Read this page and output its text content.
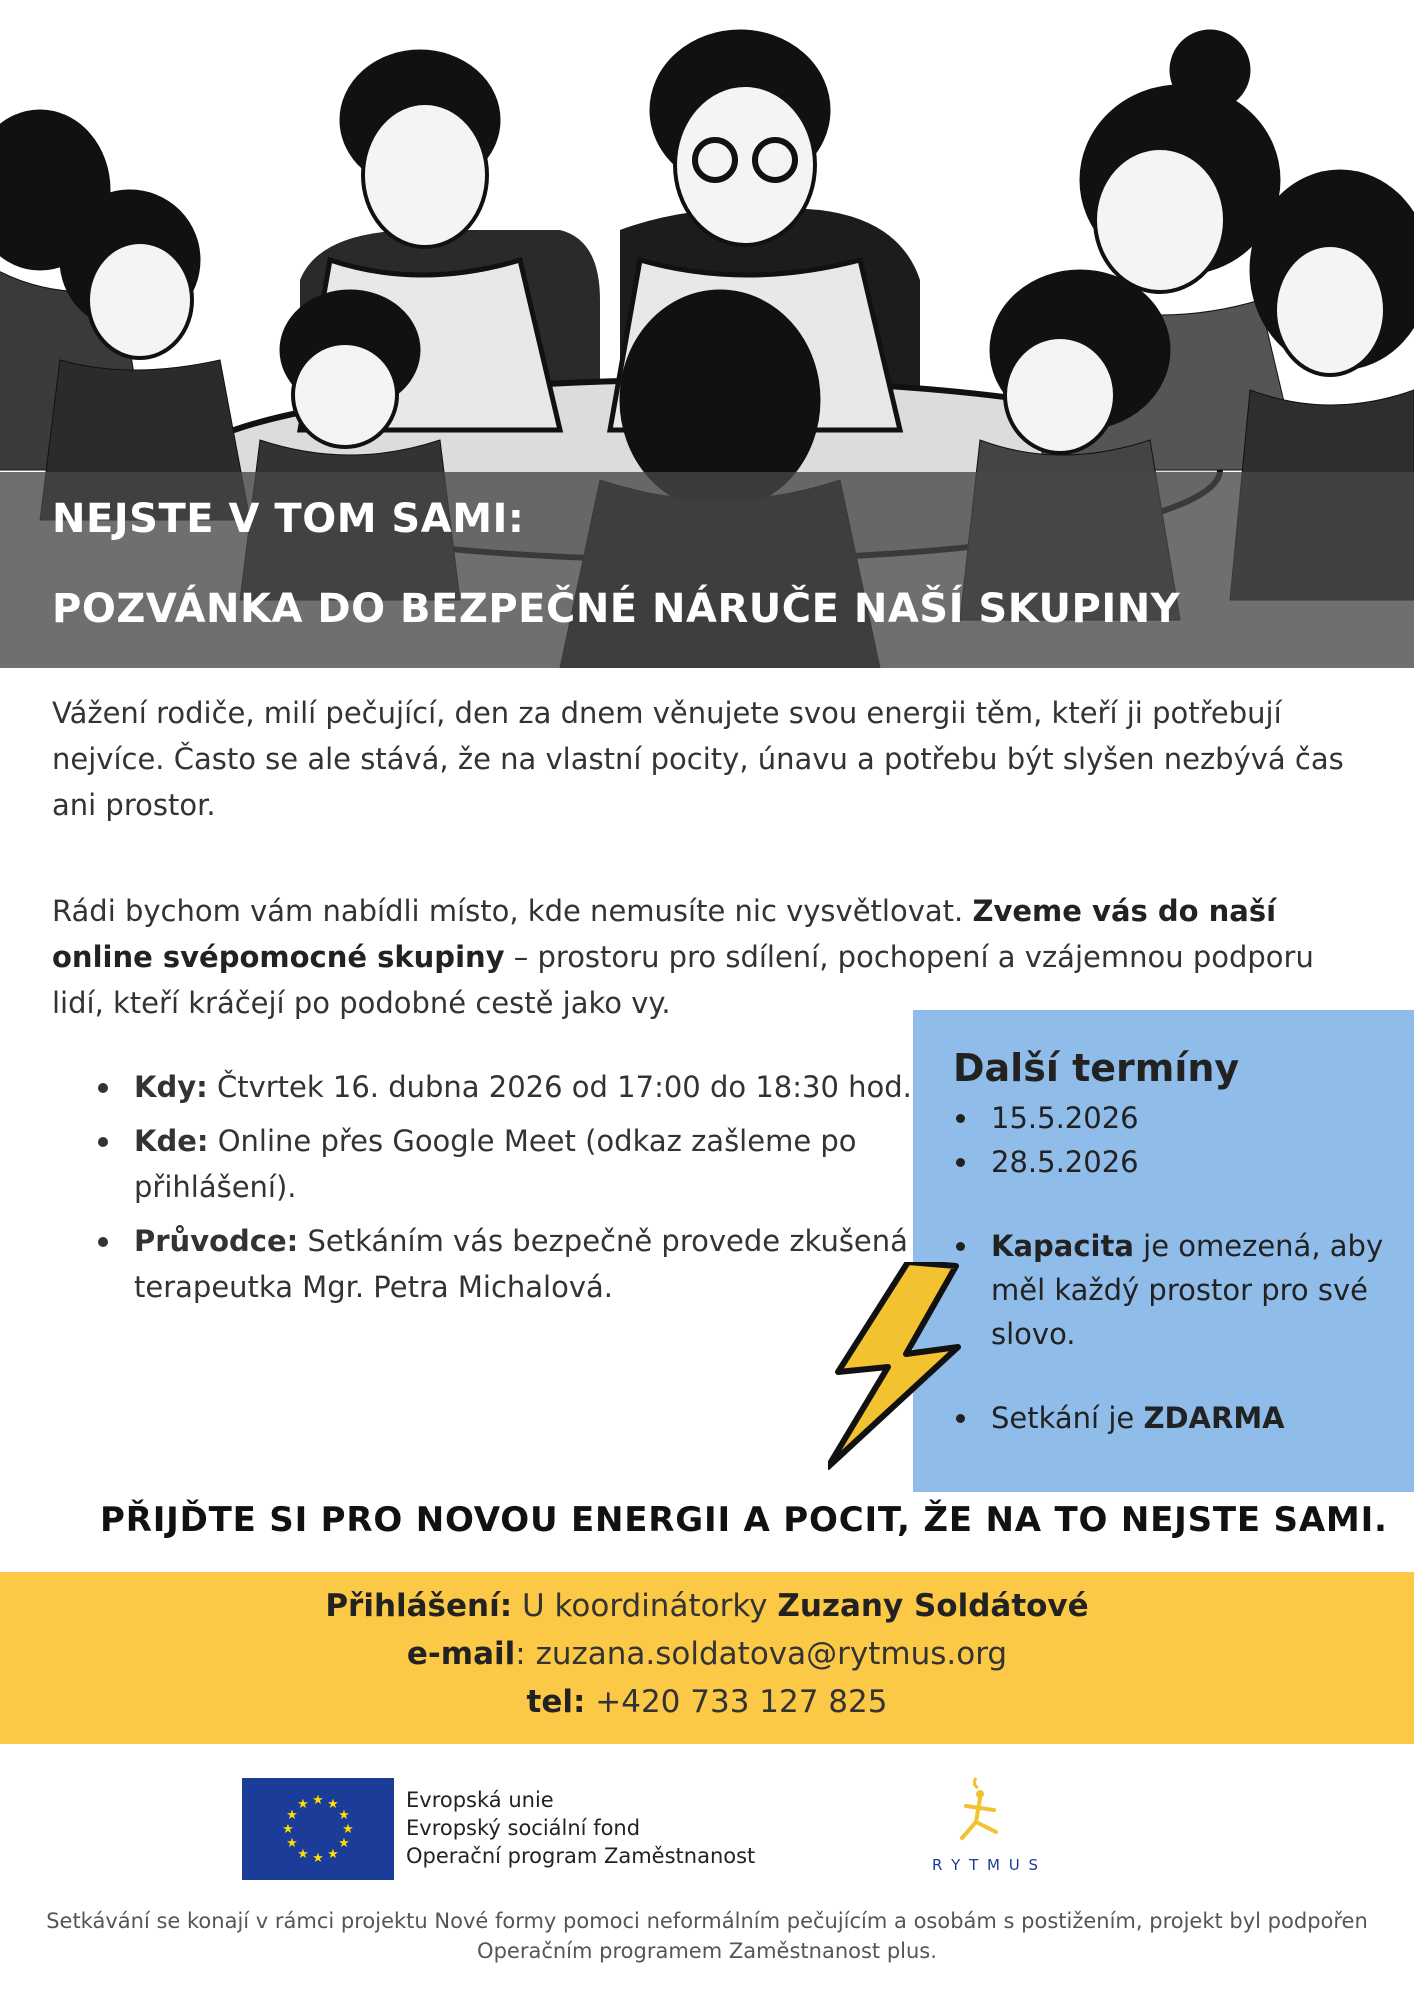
NEJSTE V TOM SAMI:
POZVÁNKA DO BEZPEČNÉ NÁRUČE NAŠÍ SKUPINY

Vážení rodiče, milí pečující, den za dnem věnujete svou energii těm, kteří ji potřebují nejvíce. Často se ale stává, že na vlastní pocity, únavu a potřebu být slyšen nezbývá čas ani prostor.

Rádi bychom vám nabídli místo, kde nemusíte nic vysvětlovat. Zveme vás do naší online svépomocné skupiny – prostoru pro sdílení, pochopení a vzájemnou podporu lidí, kteří kráčejí po podobné cestě jako vy.

Kdy: Čtvrtek 16. dubna 2026 od 17:00 do 18:30 hod.
Kde: Online přes Google Meet (odkaz zašleme po přihlášení).
Průvodce: Setkáním vás bezpečně provede zkušená terapeutka Mgr. Petra Michalová.
Další termíny
15.5.2026
28.5.2026
Kapacita je omezená, aby měl každý prostor pro své slovo.
Setkání je ZDARMA
PŘIJĎTE SI PRO NOVOU ENERGII A POCIT, ŽE NA TO NEJSTE SAMI.
Přihlášení: U koordinátorky Zuzany Soldátové
e-mail: zuzana.soldatova@rytmus.org
tel: +420 733 127 825
★ ★
★
★
★
★
★
★
★
★
★
★	Evropská unie
Evropský sociální fond
Operační program Zaměstnanost	R Y T M U S
Setkávání se konají v rámci projektu Nové formy pomoci neformálním pečujícím a osobám s postižením, projekt byl podpořen Operačním programem Zaměstnanost plus.
